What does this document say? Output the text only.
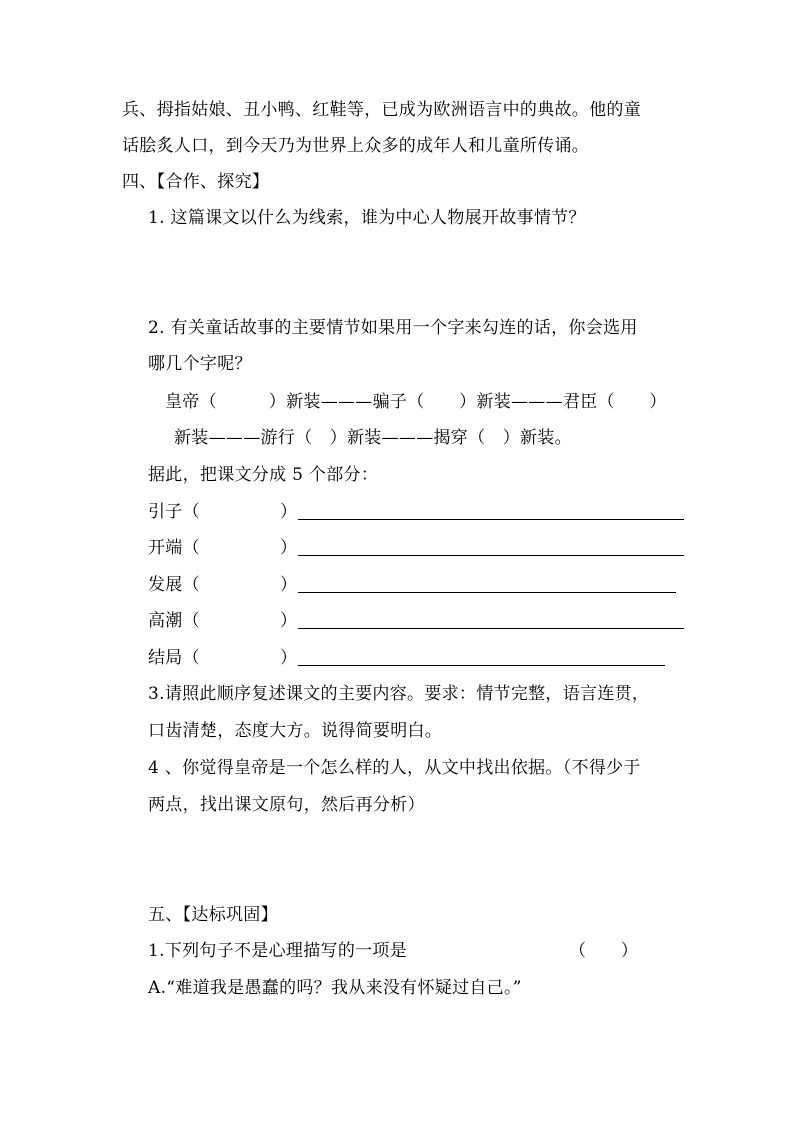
兵、拇指姑娘、丑小鸭、红鞋等，已成为欧洲语言中的典故。他的童
话脍炙人口，到今天乃为世界上众多的成年人和儿童所传诵。
四、【合作、探究】
1. 这篇课文以什么为线索，谁为中心人物展开故事情节？
2. 有关童话故事的主要情节如果用一个字来勾连的话，你会选用
哪几个字呢？
皇帝（　　　）新装———骗子（　　）新装———君臣（　　）
新装———游行（　）新装———揭穿（　）新装。
据此，把课文分成 5 个部分：
引子（	）
开端（	）
发展（	）
高潮（	）
结局（	）
3.请照此顺序复述课文的主要内容。要求：情节完整，语言连贯，
口齿清楚，态度大方。说得简要明白。
4 、你觉得皇帝是一个怎么样的人，从文中找出依据。（不得少于
两点，找出课文原句，然后再分析）
五、【达标巩固】
1.下列句子不是心理描写的一项是	（　　）
A.“难道我是愚蠢的吗？我从来没有怀疑过自己。”
